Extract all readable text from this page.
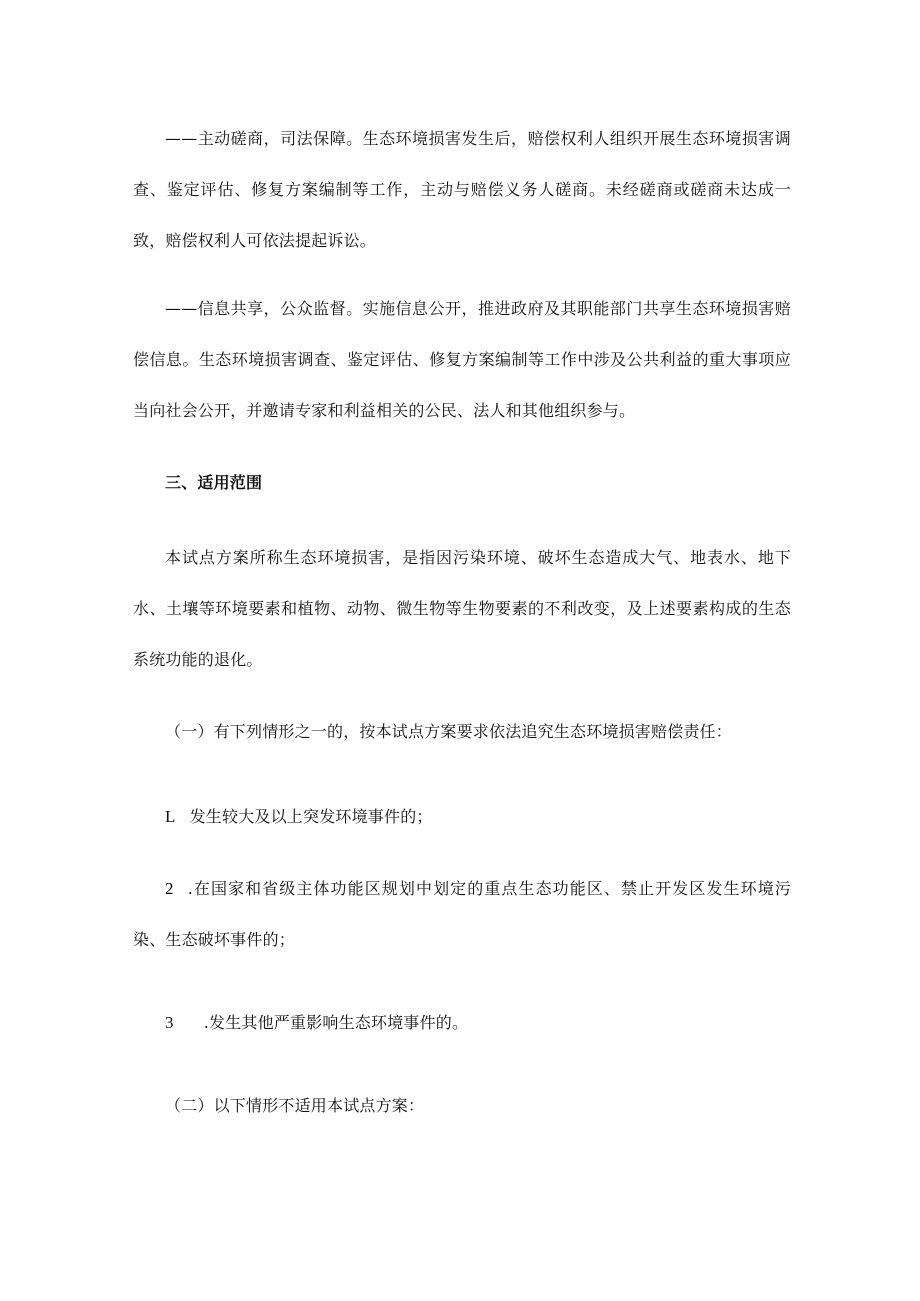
——主动磋商，司法保障。生态环境损害发生后，赔偿权利人组织开展生态环境损害调查、鉴定评估、修复方案编制等工作，主动与赔偿义务人磋商。未经磋商或磋商未达成一致，赔偿权利人可依法提起诉讼。

——信息共享，公众监督。实施信息公开，推进政府及其职能部门共享生态环境损害赔偿信息。生态环境损害调查、鉴定评估、修复方案编制等工作中涉及公共利益的重大事项应当向社会公开，并邀请专家和利益相关的公民、法人和其他组织参与。

三、适用范围

本试点方案所称生态环境损害，是指因污染环境、破坏生态造成大气、地表水、地下水、土壤等环境要素和植物、动物、微生物等生物要素的不利改变，及上述要素构成的生态系统功能的退化。

（一）有下列情形之一的，按本试点方案要求依法追究生态环境损害赔偿责任：

L 发生较大及以上突发环境事件的；

2 .在国家和省级主体功能区规划中划定的重点生态功能区、禁止开发区发生环境污染、生态破坏事件的；

3 .发生其他严重影响生态环境事件的。

（二）以下情形不适用本试点方案：
